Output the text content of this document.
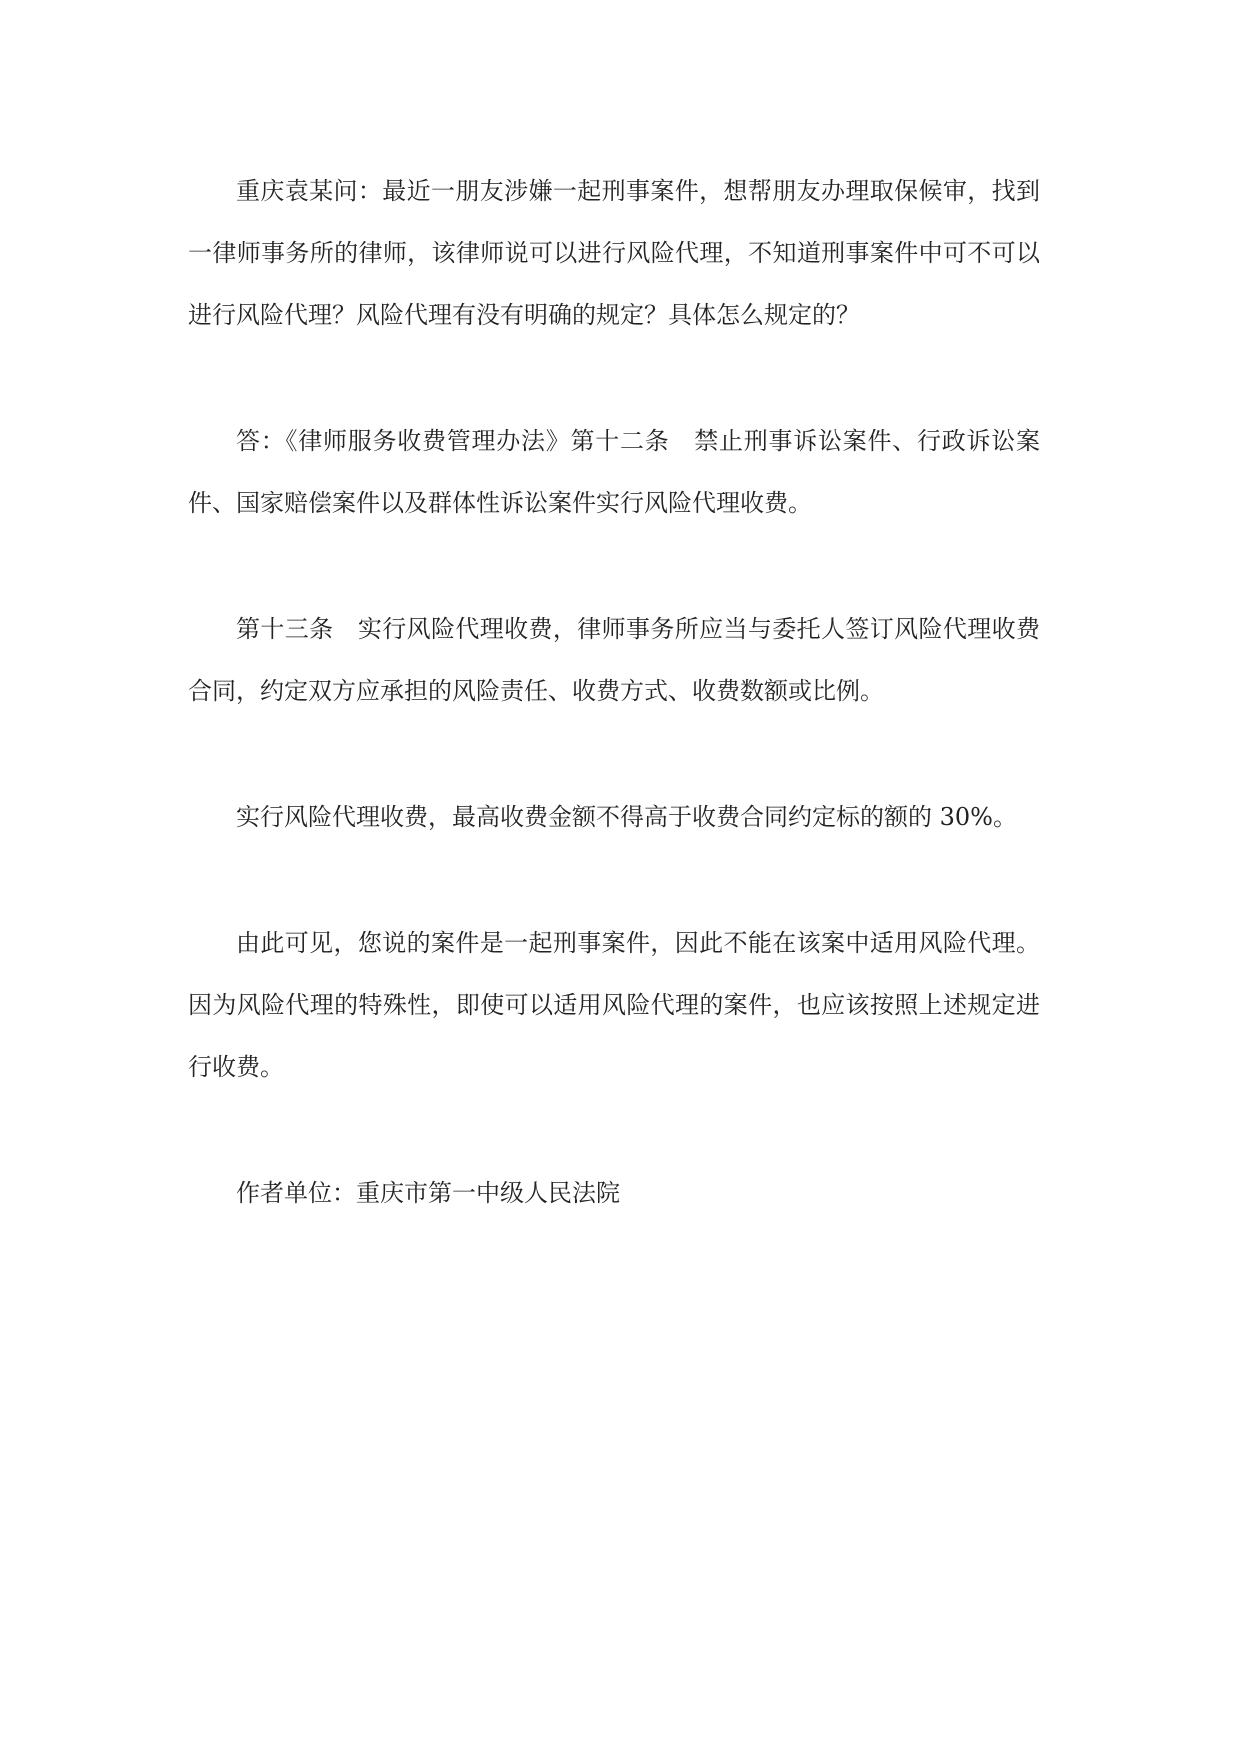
重庆袁某问：最近一朋友涉嫌一起刑事案件，想帮朋友办理取保候审，找到一律师事务所的律师，该律师说可以进行风险代理，不知道刑事案件中可不可以进行风险代理？风险代理有没有明确的规定？具体怎么规定的？

答：《律师服务收费管理办法》第十二条　禁止刑事诉讼案件、行政诉讼案件、国家赔偿案件以及群体性诉讼案件实行风险代理收费。

第十三条　实行风险代理收费，律师事务所应当与委托人签订风险代理收费合同，约定双方应承担的风险责任、收费方式、收费数额或比例。

实行风险代理收费，最高收费金额不得高于收费合同约定标的额的 30%。

由此可见，您说的案件是一起刑事案件，因此不能在该案中适用风险代理。因为风险代理的特殊性，即使可以适用风险代理的案件，也应该按照上述规定进行收费。

作者单位：重庆市第一中级人民法院
